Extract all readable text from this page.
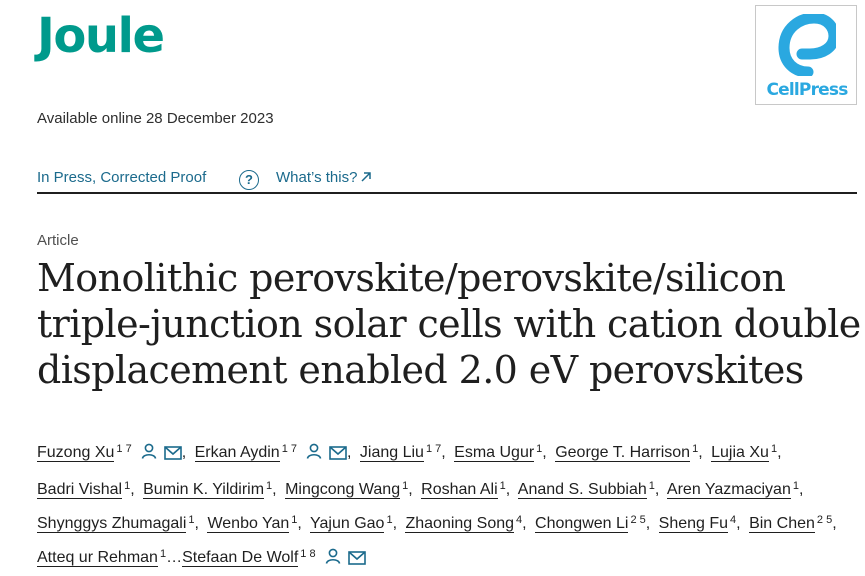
Joule
CellPress
Available online 28 December 2023
In Press, Corrected Proof	?	What’s this?
Article
Monolithic perovskite/perovskite/silicon triple-junction solar cells with cation double displacement enabled 2.0 eV perovskites
Fuzong Xu $^{1 7}$	, Erkan Aydin $^{1 7}$	, Jiang Liu $^{1 7}$, Esma Ugur $^1$, George T. Harrison $^1$, Lujia Xu $^1$, Badri Vishal $^1$, Bumin K. Yildirim $^1$, Mingcong Wang $^1$, Roshan Ali $^1$, Anand S. Subbiah $^1$, Aren Yazmaciyan $^1$, Shynggys Zhumagali $^1$, Wenbo Yan $^1$, Yajun Gao $^1$, Zhaoning Song $^4$, Chongwen Li $^{2 5}$, Sheng Fu $^4$, Bin Chen $^{2 5}$, Atteq ur Rehman $^1$…Stefaan De Wolf $^{1 8}$
